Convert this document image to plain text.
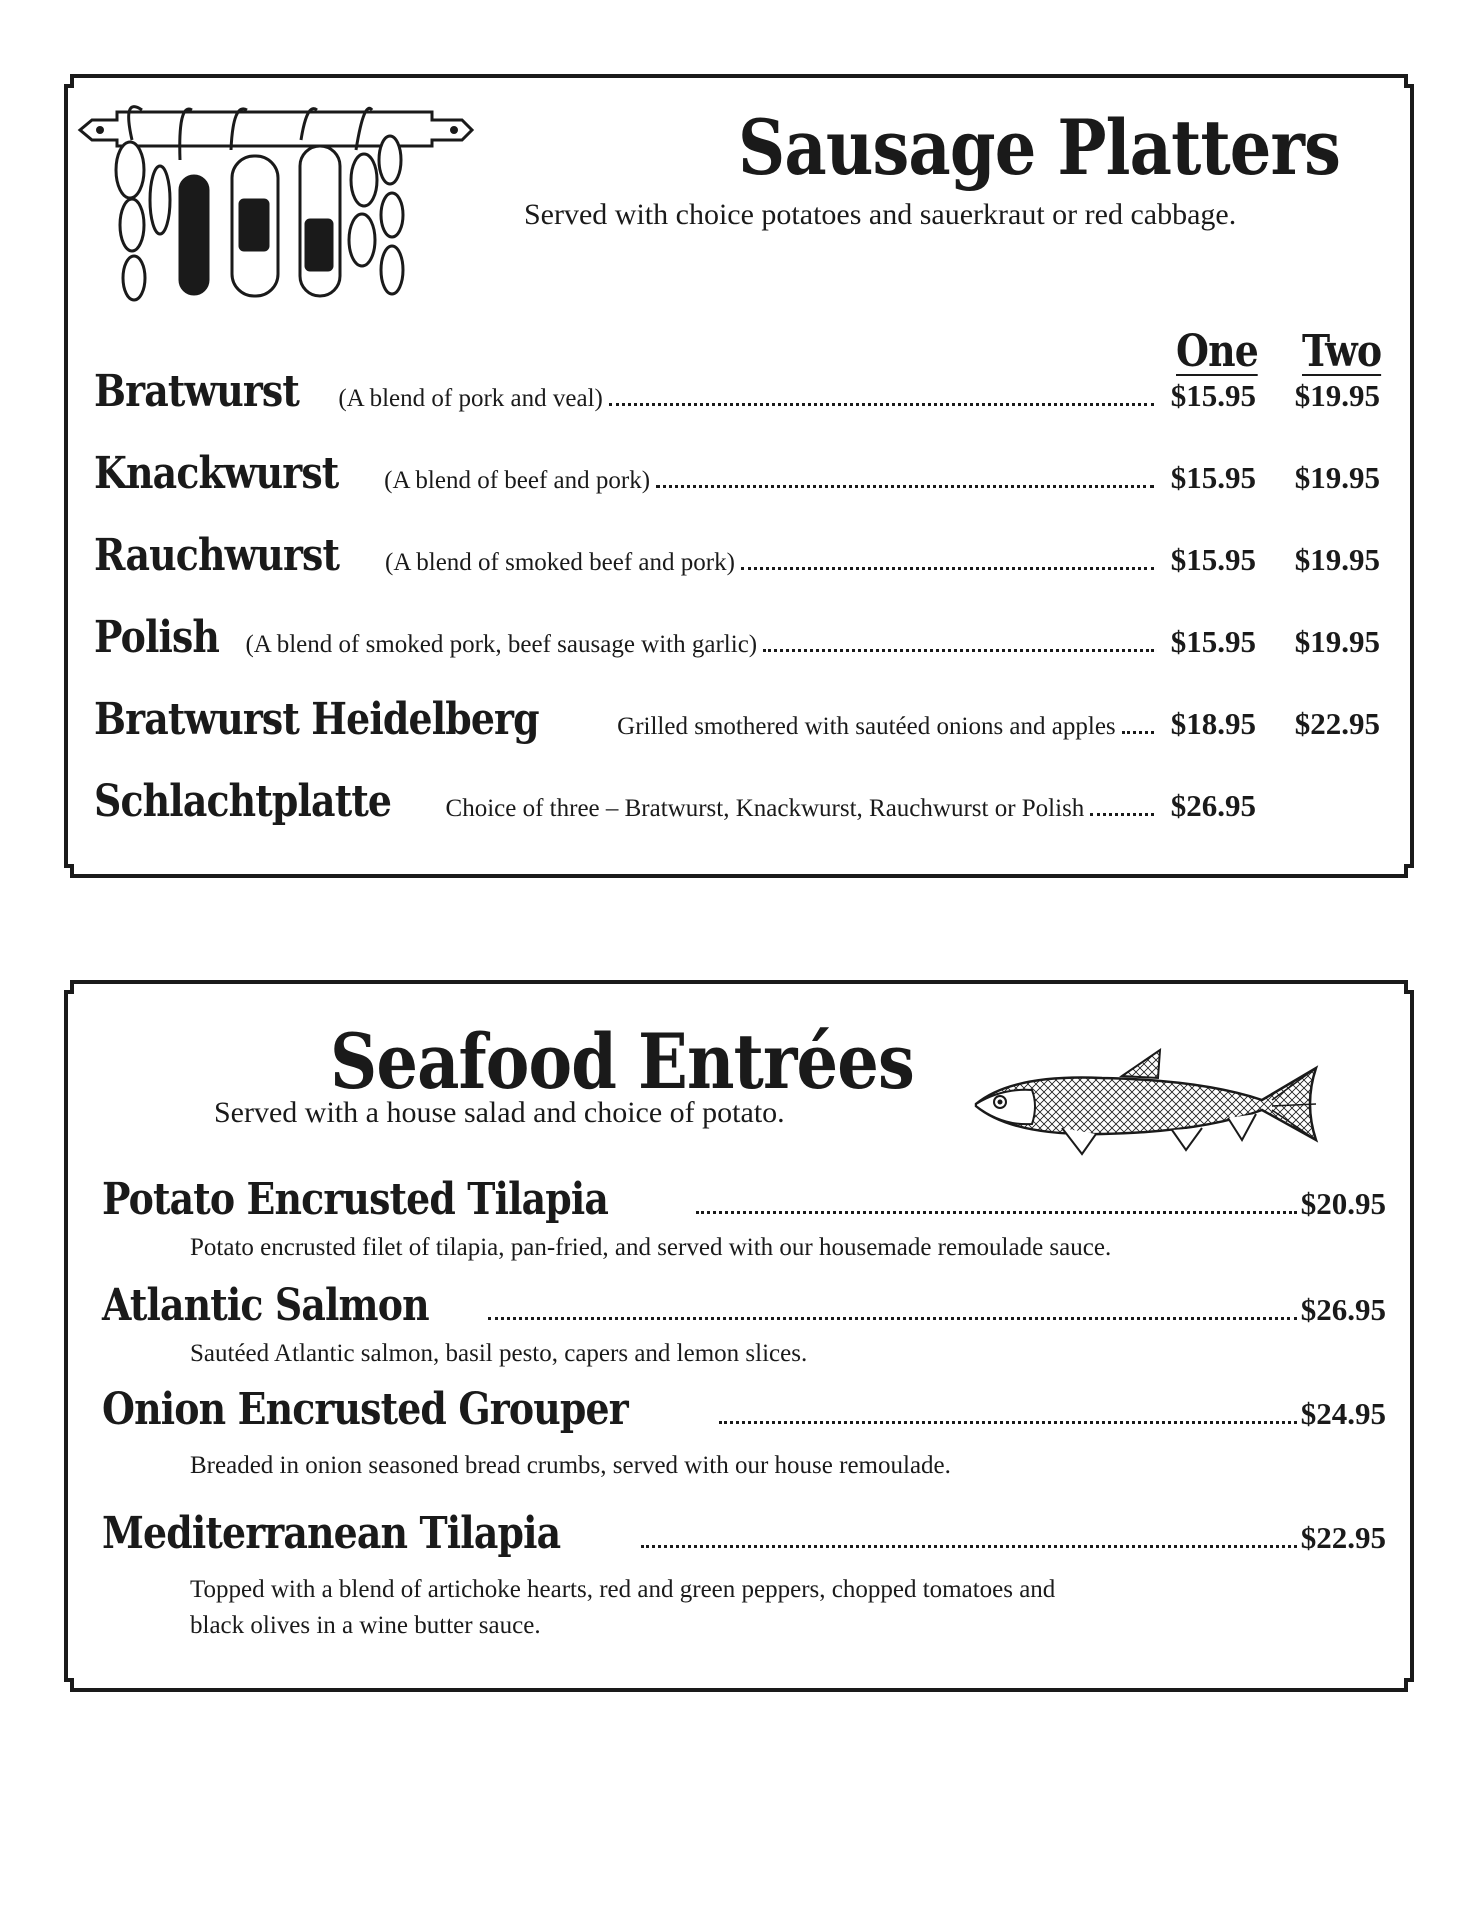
Sausage Platters
Served with choice potatoes and sauerkraut or red cabbage.
One Two
Bratwurst (A blend of pork and veal)	$15.95 $19.95
Knackwurst (A blend of beef and pork)	$15.95 $19.95
Rauchwurst (A blend of smoked beef and pork)	$15.95 $19.95
Polish (A blend of smoked pork, beef sausage with garlic)	$15.95 $19.95
Bratwurst Heidelberg	Grilled smothered with sautéed onions and apples $18.95 $22.95
Schlachtplatte Choice of three – Bratwurst, Knackwurst, Rauchwurst or Polish	$26.95
Seafood Entrées
Served with a house salad and choice of potato.
Potato Encrusted Tilapia	$20.95
Potato encrusted filet of tilapia, pan-fried, and served with our housemade remoulade sauce.
Atlantic Salmon	$26.95
Sautéed Atlantic salmon, basil pesto, capers and lemon slices.
Onion Encrusted Grouper	$24.95
Breaded in onion seasoned bread crumbs, served with our house remoulade.
Mediterranean Tilapia	$22.95
Topped with a blend of artichoke hearts, red and green peppers, chopped tomatoes and
black olives in a wine butter sauce.
